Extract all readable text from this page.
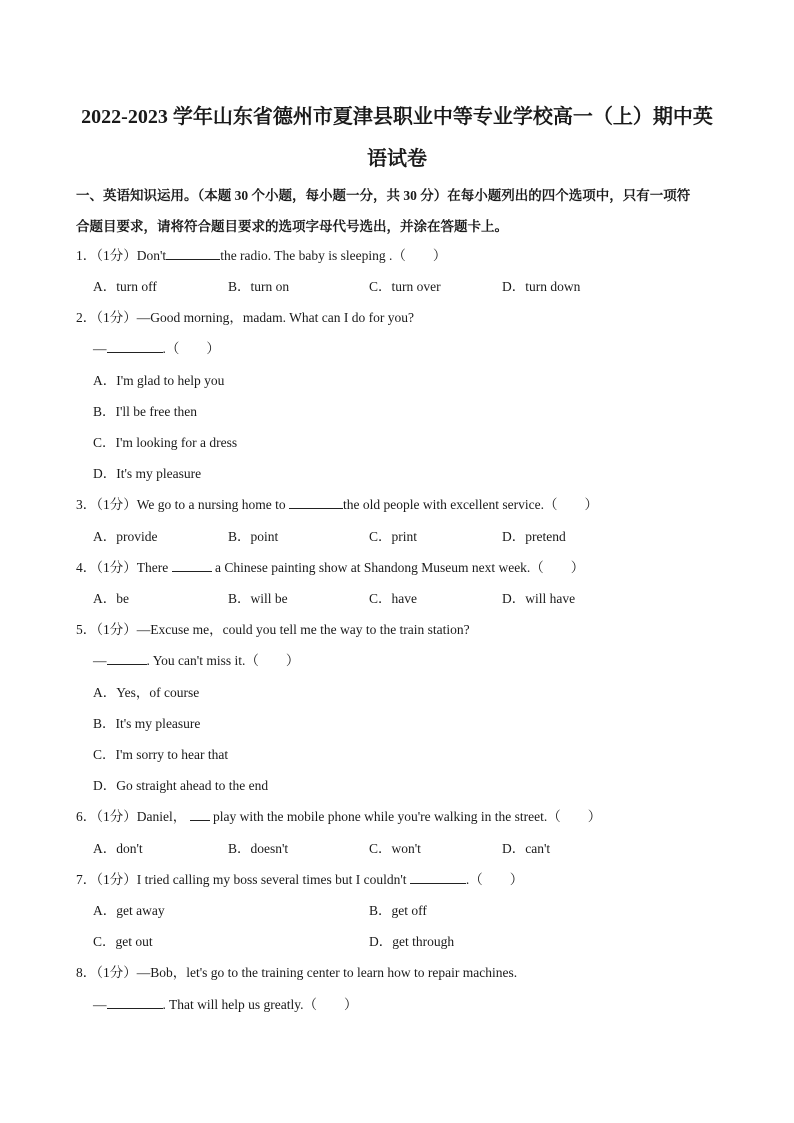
2022-2023 学年山东省德州市夏津县职业中等专业学校高一（上）期中英
语试卷
一、英语知识运用。（本题 30 个小题，每小题一分，共 30 分）在每小题列出的四个选项中，只有一项符
合题目要求，请将符合题目要求的选项字母代号选出，并涂在答题卡上。
1．（1分）Don't	the radio. The baby is sleeping .（　　）
A．turn off	B．turn on	C．turn over	D．turn down
2．（1分）—Good morning，madam. What can I do for you?
—	.（　　）
A．I'm glad to help you
B．I'll be free then
C．I'm looking for a dress
D．It's my pleasure
3．（1分）We go to a nursing home to	the old people with excellent service.（　　）
A．provide	B．point	C．print	D．pretend
4．（1分）There	a Chinese painting show at Shandong Museum next week.（　　）
A．be	B．will be	C．have	D．will have
5．（1分）—Excuse me，could you tell me the way to the train station?
—	. You can't miss it.（　　）
A．Yes，of course
B．It's my pleasure
C．I'm sorry to hear that
D．Go straight ahead to the end
6．（1分）Daniel， play with the mobile phone while you're walking in the street.（　　）
A．don't	B．doesn't	C．won't	D．can't
7．（1分）I tried calling my boss several times but I couldn't	.（　　）
A．get away	B．get off
C．get out	D．get through
8．（1分）—Bob，let's go to the training center to learn how to repair machines.
—	. That will help us greatly.（　　）
